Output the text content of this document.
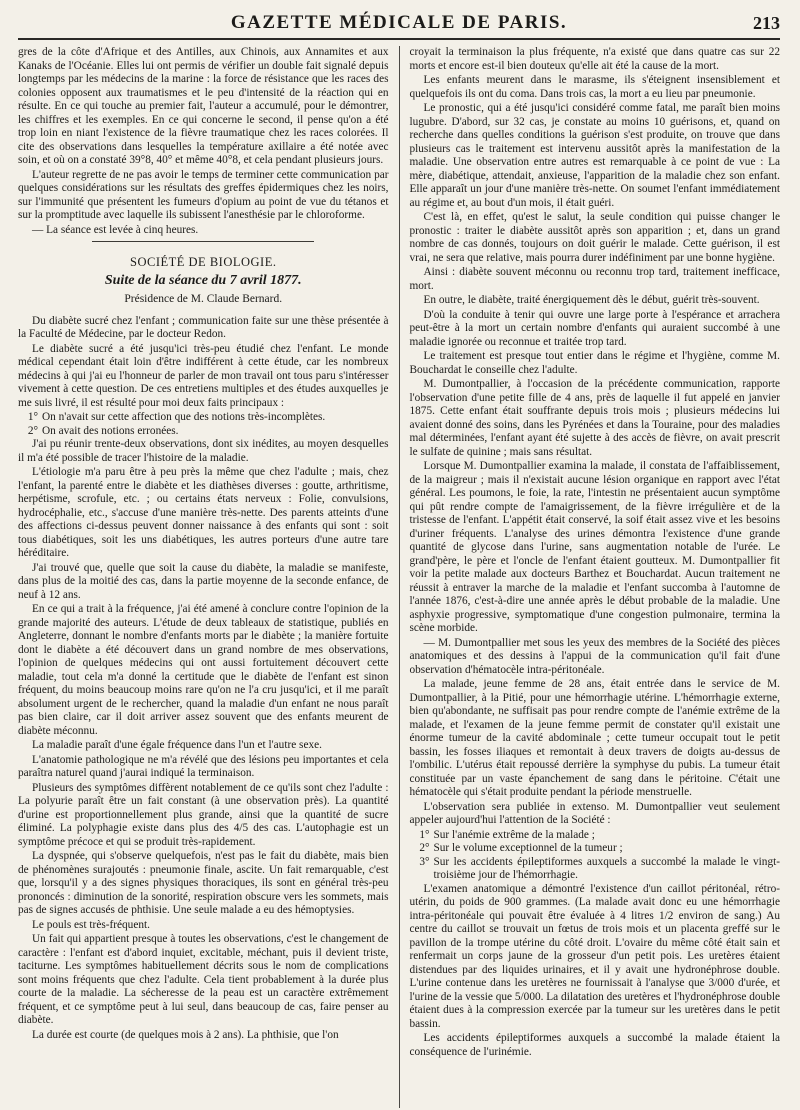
GAZETTE MÉDICALE DE PARIS.	213

gres de la côte d'Afrique et des Antilles, aux Chinois, aux Annamites et aux Kanaks de l'Océanie. Elles lui ont permis de vérifier un double fait signalé depuis longtemps par les médecins de la marine : la force de résistance que les races des colonies opposent aux traumatismes et le peu d'intensité de la réaction qui en résulte. En ce qui touche au premier fait, l'auteur a accumulé, pour le démontrer, les chiffres et les exemples. En ce qui concerne le second, il pense qu'on a été trop loin en niant l'existence de la fièvre traumatique chez les races colorées. Il cite des observations dans lesquelles la température axillaire a été notée avec soin, et où on a constaté 39°8, 40° et même 40°8, et cela pendant plusieurs jours.

L'auteur regrette de ne pas avoir le temps de terminer cette communication par quelques considérations sur les résultats des greffes épidermiques chez les noirs, sur l'immunité que présentent les fumeurs d'opium au point de vue du tétanos et sur la promptitude avec laquelle ils subissent l'anesthésie par le chloroforme.

— La séance est levée à cinq heures.

SOCIÉTÉ DE BIOLOGIE.
Suite de la séance du 7 avril 1877.
Présidence de M. Claude Bernard.

Du diabète sucré chez l'enfant ; communication faite sur une thèse présentée à la Faculté de Médecine, par le docteur Redon.

Le diabète sucré a été jusqu'ici très-peu étudié chez l'enfant. Le monde médical cependant était loin d'être indifférent à cette étude, car les nombreux médecins à qui j'ai eu l'honneur de parler de mon travail ont tous paru s'intéresser vivement à cette question. De ces entretiens multiples et des études auxquelles je me suis livré, il est résulté pour moi deux faits principaux :

1° On n'avait sur cette affection que des notions très-incomplètes.
2° On avait des notions erronées.

J'ai pu réunir trente-deux observations, dont six inédites, au moyen desquelles il m'a été possible de tracer l'histoire de la maladie.

L'étiologie m'a paru être à peu près la même que chez l'adulte ; mais, chez l'enfant, la parenté entre le diabète et les diathèses diverses : goutte, arthritisme, herpétisme, scrofule, etc. ; ou certains états nerveux : Folie, convulsions, hydrocéphalie, etc., s'accuse d'une manière très-nette. Des parents atteints d'une des affections ci-dessus peuvent donner naissance à des enfants qui sont : soit tous diabétiques, soit les uns diabétiques, les autres porteurs d'une autre tare héréditaire.

J'ai trouvé que, quelle que soit la cause du diabète, la maladie se manifeste, dans plus de la moitié des cas, dans la partie moyenne de la seconde enfance, de neuf à 12 ans.

En ce qui a trait à la fréquence, j'ai été amené à conclure contre l'opinion de la grande majorité des auteurs. L'étude de deux tableaux de statistique, publiés en Angleterre, donnant le nombre d'enfants morts par le diabète ; la manière fortuite dont le diabète a été découvert dans un grand nombre de mes observations, l'opinion de quelques médecins qui ont aussi fortuitement découvert cette maladie, tout cela m'a donné la certitude que le diabète de l'enfant est sinon fréquent, du moins beaucoup moins rare qu'on ne l'a cru jusqu'ici, et il me paraît absolument urgent de le rechercher, quand la maladie d'un enfant ne nous paraît pas bien claire, car il doit arriver assez souvent que des enfants meurent de diabète méconnu.

La maladie paraît d'une égale fréquence dans l'un et l'autre sexe.

L'anatomie pathologique ne m'a révélé que des lésions peu importantes et cela paraîtra naturel quand j'aurai indiqué la terminaison.

Plusieurs des symptômes diffèrent notablement de ce qu'ils sont chez l'adulte : La polyurie paraît être un fait constant (à une observation près). La quantité d'urine est proportionnellement plus grande, ainsi que la quantité de sucre éliminé. La polyphagie existe dans plus des 4/5 des cas. L'autophagie est un symptôme précoce et qui se produit très-rapidement.

La dyspnée, qui s'observe quelquefois, n'est pas le fait du diabète, mais bien de phénomènes surajoutés : pneumonie finale, ascite. Un fait remarquable, c'est que, lorsqu'il y a des signes physiques thoraciques, ils sont en général très-peu prononcés : diminution de la sonorité, respiration obscure vers les sommets, mais pas de signes accusés de phthisie. Une seule malade a eu des hémoptysies.

Le pouls est très-fréquent.

Un fait qui appartient presque à toutes les observations, c'est le changement de caractère : l'enfant est d'abord inquiet, excitable, méchant, puis il devient triste, taciturne. Les symptômes habituellement décrits sous le nom de complications sont moins fréquents que chez l'adulte. Cela tient probablement à la durée plus courte de la maladie. La sécheresse de la peau est un caractère extrêmement fréquent, et ce symptôme peut à lui seul, dans beaucoup de cas, faire penser au diabète.

La durée est courte (de quelques mois à 2 ans). La phthisie, que l'on

croyait la terminaison la plus fréquente, n'a existé que dans quatre cas sur 22 morts et encore est-il bien douteux qu'elle ait été la cause de la mort.

Les enfants meurent dans le marasme, ils s'éteignent insensiblement et quelquefois ils ont du coma. Dans trois cas, la mort a eu lieu par pneumonie.

Le pronostic, qui a été jusqu'ici considéré comme fatal, me paraît bien moins lugubre. D'abord, sur 32 cas, je constate au moins 10 guérisons, et, quand on recherche dans quelles conditions la guérison s'est produite, on trouve que dans plusieurs cas le traitement est intervenu aussitôt après la manifestation de la maladie. Une observation entre autres est remarquable à ce point de vue : La mère, diabétique, attendait, anxieuse, l'apparition de la maladie chez son enfant. Elle apparaît un jour d'une manière très-nette. On soumet l'enfant immédiatement au régime et, au bout d'un mois, il était guéri.

C'est là, en effet, qu'est le salut, la seule condition qui puisse changer le pronostic : traiter le diabète aussitôt après son apparition ; et, dans un grand nombre de cas donnés, toujours on doit guérir le malade. Cette guérison, il est vrai, ne sera que relative, mais pourra durer indéfiniment par une bonne hygiène.

Ainsi : diabète souvent méconnu ou reconnu trop tard, traitement inefficace, mort.

En outre, le diabète, traité énergiquement dès le début, guérit très-souvent.

D'où la conduite à tenir qui ouvre une large porte à l'espérance et arrachera peut-être à la mort un certain nombre d'enfants qui auraient succombé à une maladie ignorée ou reconnue et traitée trop tard.

Le traitement est presque tout entier dans le régime et l'hygiène, comme M. Bouchardat le conseille chez l'adulte.

M. Dumontpallier, à l'occasion de la précédente communication, rapporte l'observation d'une petite fille de 4 ans, près de laquelle il fut appelé en janvier 1875. Cette enfant était souffrante depuis trois mois ; plusieurs médecins lui avaient donné des soins, dans les Pyrénées et dans la Touraine, pour des maladies mal déterminées, l'enfant ayant été sujette à des accès de fièvre, on avait prescrit le sulfate de quinine ; mais sans résultat.

Lorsque M. Dumontpallier examina la malade, il constata de l'affaiblissement, de la maigreur ; mais il n'existait aucune lésion organique en rapport avec l'état général. Les poumons, le foie, la rate, l'intestin ne présentaient aucun symptôme qui pût rendre compte de l'amaigrissement, de la fièvre irrégulière et de la tristesse de l'enfant. L'appétit était conservé, la soif était assez vive et les besoins d'uriner fréquents. L'analyse des urines démontra l'existence d'une grande quantité de glycose dans l'urine, sans augmentation notable de l'urée. Le grand'père, le père et l'oncle de l'enfant étaient goutteux. M. Dumontpallier fit voir la petite malade aux docteurs Barthez et Bouchardat. Aucun traitement ne réussit à entraver la marche de la maladie et l'enfant succomba à l'automne de l'année 1876, c'est-à-dire une année après le début probable de la maladie. Une asphyxie progressive, symptomatique d'une congestion pulmonaire, termina la scène morbide.

— M. Dumontpallier met sous les yeux des membres de la Société des pièces anatomiques et des dessins à l'appui de la communication qu'il fait d'une observation d'hématocèle intra-péritonéale.

La malade, jeune femme de 28 ans, était entrée dans le service de M. Dumontpallier, à la Pitié, pour une hémorrhagie utérine. L'hémorrhagie externe, bien qu'abondante, ne suffisait pas pour rendre compte de l'anémie extrême de la malade, et l'examen de la jeune femme permit de constater qu'il existait une énorme tumeur de la cavité abdominale ; cette tumeur occupait tout le petit bassin, les fosses iliaques et remontait à deux travers de doigts au-dessus de l'ombilic. L'utérus était repoussé derrière la symphyse du pubis. La tumeur était constituée par un vaste épanchement de sang dans le péritoine. C'était une hématocèle qui s'était produite pendant la période menstruelle.

L'observation sera publiée in extenso. M. Dumontpallier veut seulement appeler aujourd'hui l'attention de la Société :

1° Sur l'anémie extrême de la malade ;
2° Sur le volume exceptionnel de la tumeur ;
3° Sur les accidents épileptiformes auxquels a succombé la malade le vingt-troisième jour de l'hémorrhagie.

L'examen anatomique a démontré l'existence d'un caillot péritonéal, rétro-utérin, du poids de 900 grammes. (La malade avait donc eu une hémorrhagie intra-péritonéale qui pouvait être évaluée à 4 litres 1/2 environ de sang.) Au centre du caillot se trouvait un fœtus de trois mois et un placenta greffé sur le pavillon de la trompe utérine du côté droit. L'ovaire du même côté était sain et renfermait un corps jaune de la grosseur d'un petit pois. Les uretères étaient distendues par des liquides urinaires, et il y avait une hydronéphrose double. L'urine contenue dans les uretères ne fournissait à l'analyse que 3/000 d'urée, et l'urine de la vessie que 5/000. La dilatation des uretères et l'hydronéphrose double étaient dues à la compression exercée par la tumeur sur les uretères dans le petit bassin.

Les accidents épileptiformes auxquels a succombé la malade étaient la conséquence de l'urinémie.
